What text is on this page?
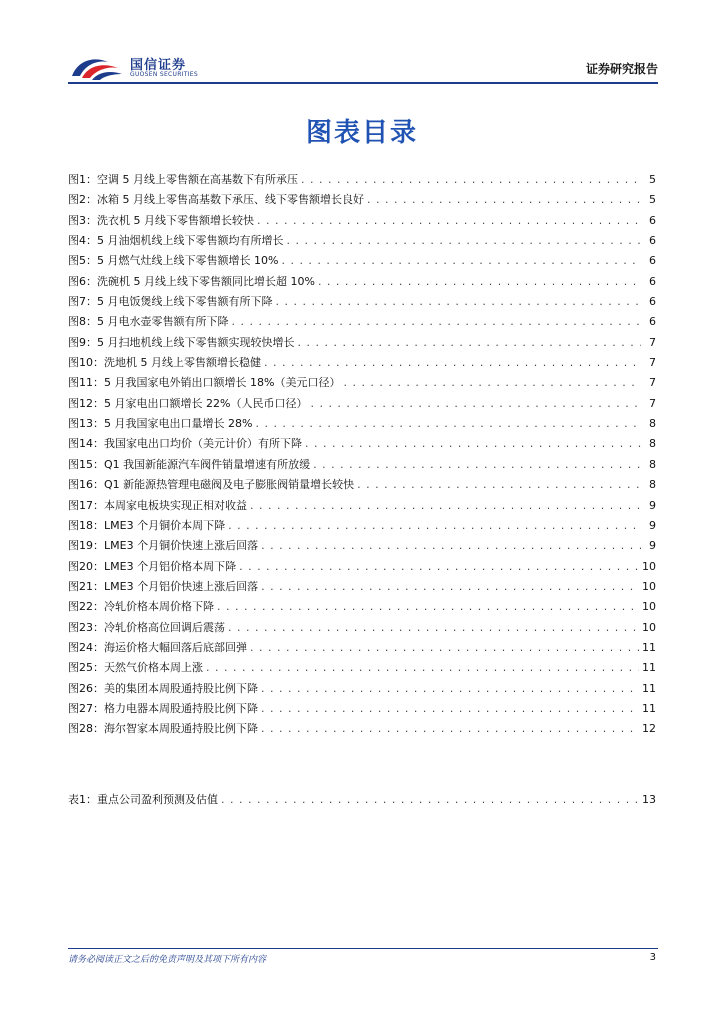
国信证券
GUOSEN SECURITIES	证券研究报告
图表目录
图1： 空调 5 月线上零售额在高基数下有所承压 . . .	5
图2： 冰箱 5 月线上零售高基数下承压、线下零售额增长良好 . . .	5
图3： 洗衣机 5 月线下零售额增长较快 . . .	6
图4： 5 月油烟机线上线下零售额均有所增长 . . .	6
图5： 5 月燃气灶线上线下零售额增长 10% . . .	6
图6： 洗碗机 5 月线上线下零售额同比增长超 10% . . .	6
图7： 5 月电饭煲线上线下零售额有所下降 . . .	6
图8： 5 月电水壶零售额有所下降 . . .	6
图9： 5 月扫地机线上线下零售额实现较快增长 . . .	7
图10： 洗地机 5 月线上零售额增长稳健 . . .	7
图11： 5 月我国家电外销出口额增长 18%（美元口径） . . .	7
图12： 5 月家电出口额增长 22%（人民币口径） . . .	7
图13： 5 月我国家电出口量增长 28% . . .	8
图14： 我国家电出口均价（美元计价）有所下降 . . .	8
图15： Q1 我国新能源汽车阀件销量增速有所放缓 . . .	8
图16： Q1 新能源热管理电磁阀及电子膨胀阀销量增长较快 . . .	8
图17： 本周家电板块实现正相对收益 . . .	9
图18： LME3 个月铜价本周下降 . . .	9
图19： LME3 个月铜价快速上涨后回落 . . .	9
图20： LME3 个月铝价格本周下降 . . .	10
图21： LME3 个月铝价快速上涨后回落 . . .	10
图22： 冷轧价格本周价格下降 . . .	10
图23： 冷轧价格高位回调后震荡 . . .	10
图24： 海运价格大幅回落后底部回弹 . . .	11
图25： 天然气价格本周上涨 . . .	11
图26： 美的集团本周股通持股比例下降 . . .	11
图27： 格力电器本周股通持股比例下降 . . .	11
图28： 海尔智家本周股通持股比例下降 . . .	12
表1： 重点公司盈利预测及估值 . . .	13
请务必阅读正文之后的免责声明及其项下所有内容	3
